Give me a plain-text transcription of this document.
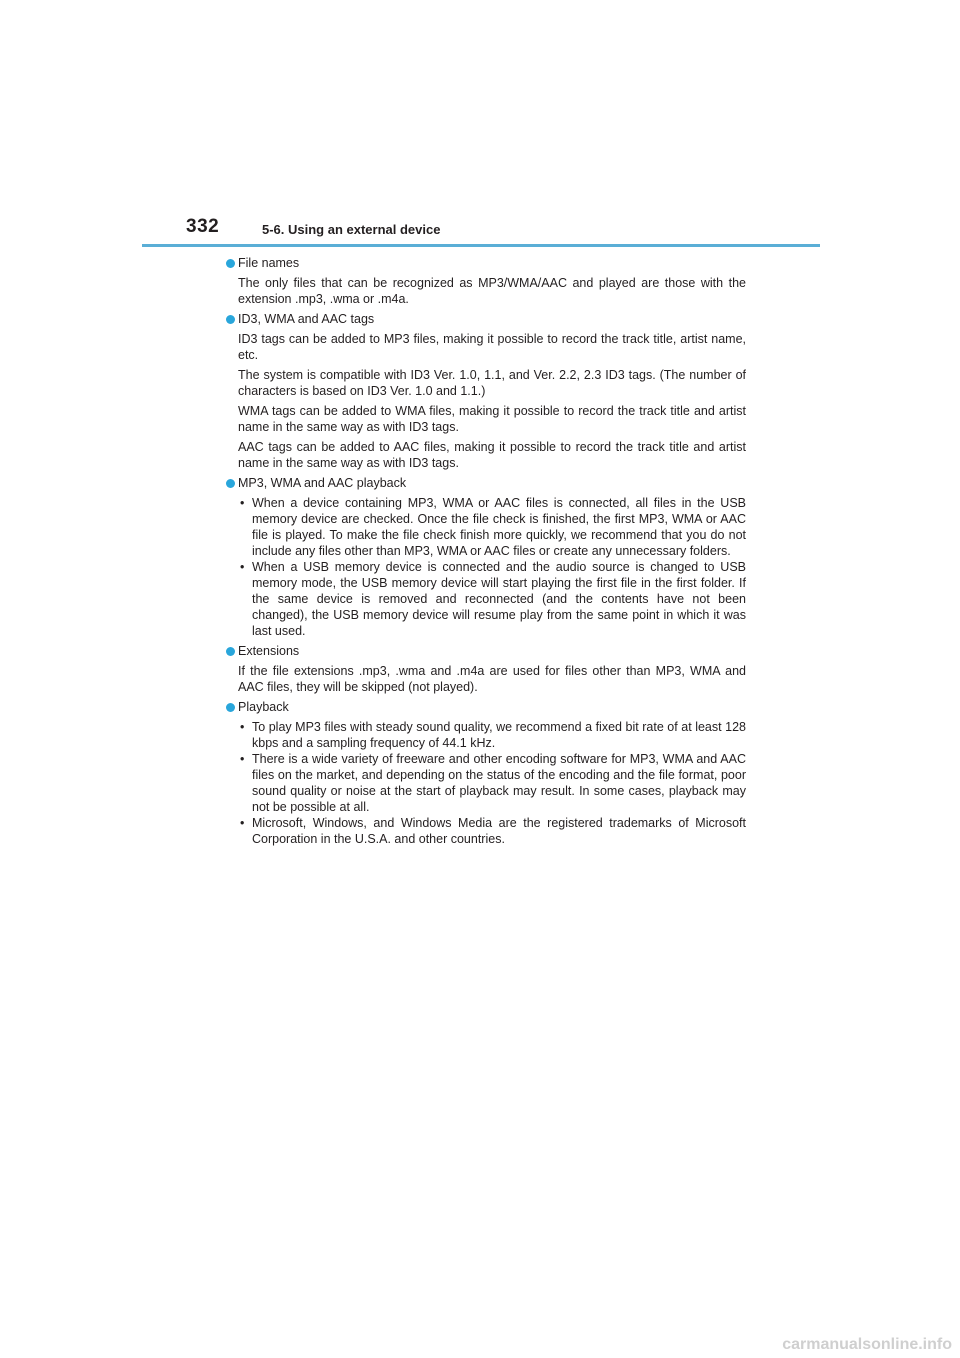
332	5-6. Using an external device
File names
The only files that can be recognized as MP3/WMA/AAC and played are those with the extension .mp3, .wma or .m4a.
ID3, WMA and AAC tags
ID3 tags can be added to MP3 files, making it possible to record the track title, artist name, etc.
The system is compatible with ID3 Ver. 1.0, 1.1, and Ver. 2.2, 2.3 ID3 tags. (The number of characters is based on ID3 Ver. 1.0 and 1.1.)
WMA tags can be added to WMA files, making it possible to record the track title and artist name in the same way as with ID3 tags.
AAC tags can be added to AAC files, making it possible to record the track title and artist name in the same way as with ID3 tags.
MP3, WMA and AAC playback
• When a device containing MP3, WMA or AAC files is connected, all files in the USB memory device are checked. Once the file check is finished, the first MP3, WMA or AAC file is played. To make the file check finish more quickly, we recommend that you do not include any files other than MP3, WMA or AAC files or create any unnecessary folders.
• When a USB memory device is connected and the audio source is changed to USB memory mode, the USB memory device will start playing the first file in the first folder. If the same device is removed and reconnected (and the contents have not been changed), the USB memory device will resume play from the same point in which it was last used.
Extensions
If the file extensions .mp3, .wma and .m4a are used for files other than MP3, WMA and AAC files, they will be skipped (not played).
Playback
• To play MP3 files with steady sound quality, we recommend a fixed bit rate of at least 128 kbps and a sampling frequency of 44.1 kHz.
• There is a wide variety of freeware and other encoding software for MP3, WMA and AAC files on the market, and depending on the status of the encoding and the file format, poor sound quality or noise at the start of playback may result. In some cases, playback may not be possible at all.
• Microsoft, Windows, and Windows Media are the registered trademarks of Microsoft Corporation in the U.S.A. and other countries.
carmanualsonline.info
